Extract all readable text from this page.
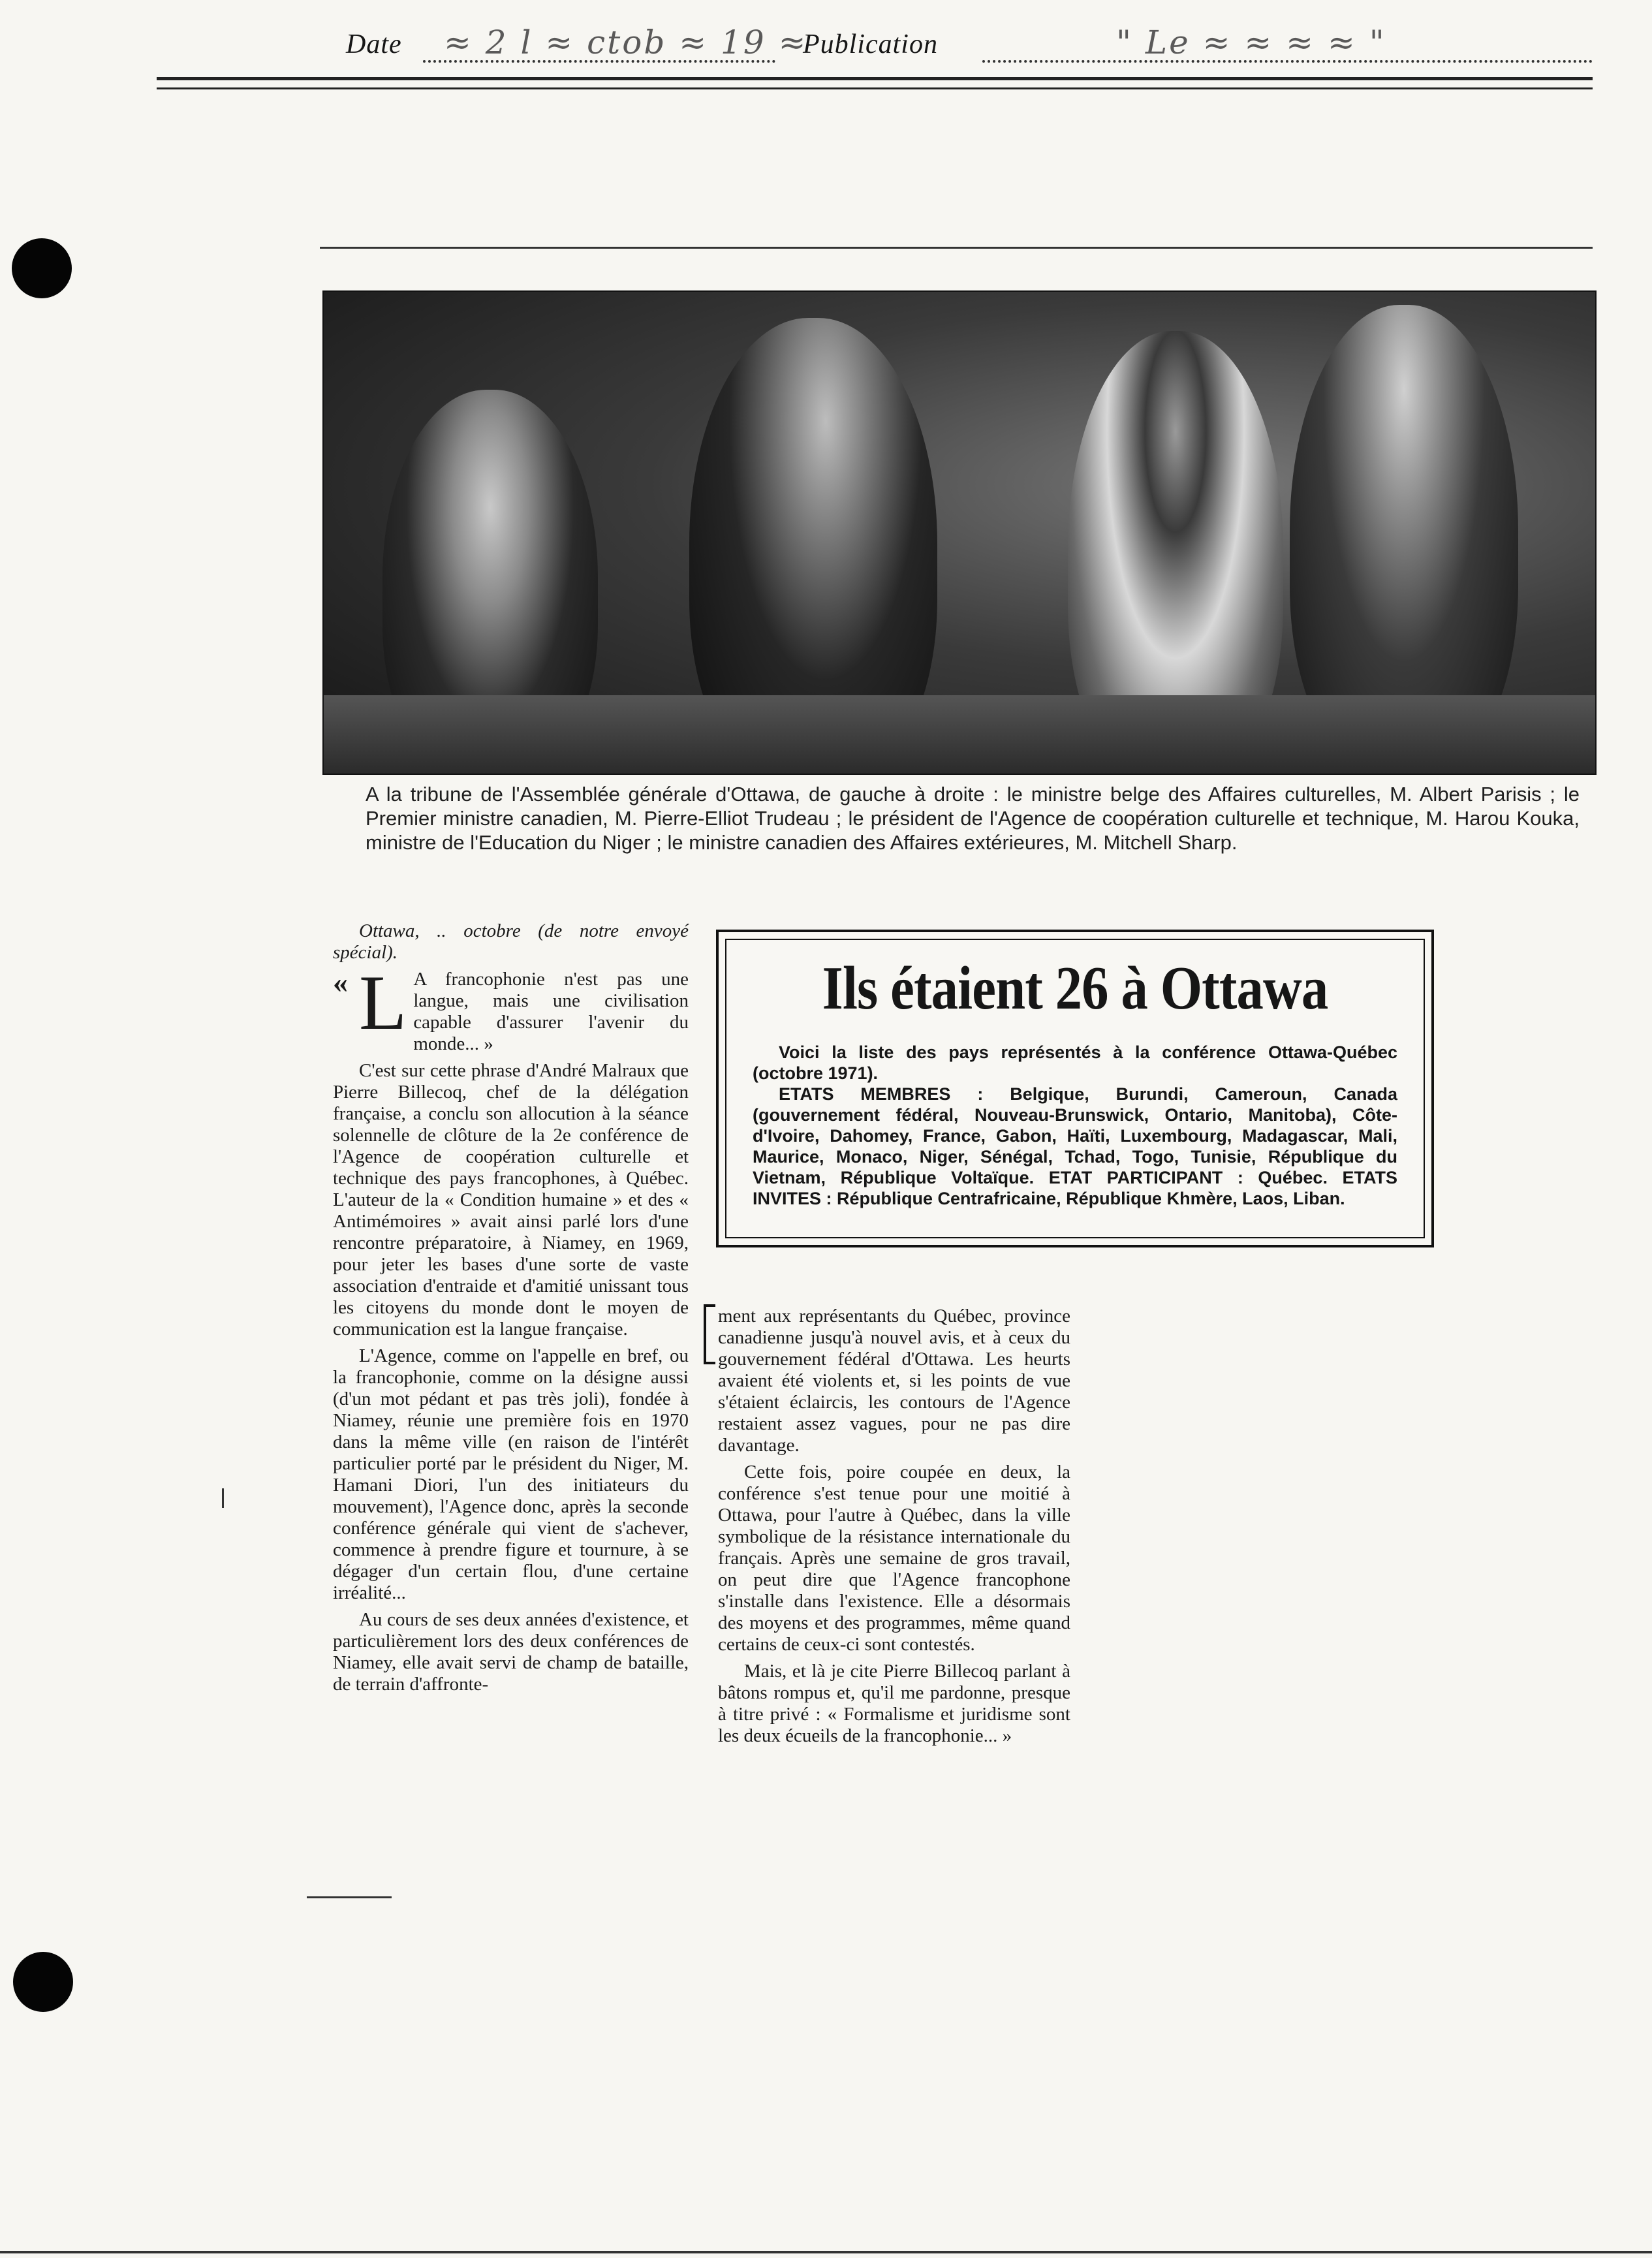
Date ≈ 2 l ≈ ctob ≈ 19 ≈
Publication	" Le ≈ ≈ ≈ ≈ "
A la tribune de l'Assemblée générale d'Ottawa, de gauche à droite : le ministre belge des Affaires culturelles, M. Albert Parisis ; le Premier ministre canadien, M. Pierre-Elliot Trudeau ; le président de l'Agence de coopération culturelle et technique, M. Harou Kouka, ministre de l'Education du Niger ; le ministre canadien des Affaires extérieures, M. Mitchell Sharp.

Ottawa, .. octobre (de notre envoyé spécial).

« L A francophonie n'est pas une langue, mais une civilisation capable d'assurer l'avenir du monde... »

C'est sur cette phrase d'André Malraux que Pierre Billecoq, chef de la délégation française, a conclu son allocution à la séance solennelle de clôture de la 2e conférence de l'Agence de coopération culturelle et technique des pays francophones, à Québec. L'auteur de la « Condition humaine » et des « Antimémoires » avait ainsi parlé lors d'une rencontre préparatoire, à Niamey, en 1969, pour jeter les bases d'une sorte de vaste association d'entraide et d'amitié unissant tous les citoyens du monde dont le moyen de communication est la langue française.

L'Agence, comme on l'appelle en bref, ou la francophonie, comme on la désigne aussi (d'un mot pédant et pas très joli), fondée à Niamey, réunie une première fois en 1970 dans la même ville (en raison de l'intérêt particulier porté par le président du Niger, M. Hamani Diori, l'un des initiateurs du mouvement), l'Agence donc, après la seconde conférence générale qui vient de s'achever, commence à prendre figure et tournure, à se dégager d'un certain flou, d'une certaine irréalité...

Au cours de ses deux années d'existence, et particulièrement lors des deux conférences de Niamey, elle avait servi de champ de bataille, de terrain d'affronte-

Ils étaient 26 à Ottawa

Voici la liste des pays représentés à la conférence Ottawa-Québec (octobre 1971).

ETATS MEMBRES : Belgique, Burundi, Cameroun, Canada (gouvernement fédéral, Nouveau-Brunswick, Ontario, Manitoba), Côte-d'Ivoire, Dahomey, France, Gabon, Haïti, Luxembourg, Madagascar, Mali, Maurice, Monaco, Niger, Sénégal, Tchad, Togo, Tunisie, République du Vietnam, République Voltaïque. ETAT PARTICIPANT : Québec. ETATS INVITES : République Centrafricaine, République Khmère, Laos, Liban.

ment aux représentants du Québec, province canadienne jusqu'à nouvel avis, et à ceux du gouvernement fédéral d'Ottawa. Les heurts avaient été violents et, si les points de vue s'étaient éclaircis, les contours de l'Agence restaient assez vagues, pour ne pas dire davantage.

Cette fois, poire coupée en deux, la conférence s'est tenue pour une moitié à Ottawa, pour l'autre à Québec, dans la ville symbolique de la résistance internationale du français. Après une semaine de gros travail, on peut dire que l'Agence francophone s'installe dans l'existence. Elle a désormais des moyens et des programmes, même quand certains de ceux-ci sont contestés.

Mais, et là je cite Pierre Billecoq parlant à bâtons rompus et, qu'il me pardonne, presque à titre privé : « Formalisme et juridisme sont les deux écueils de la francophonie... »
